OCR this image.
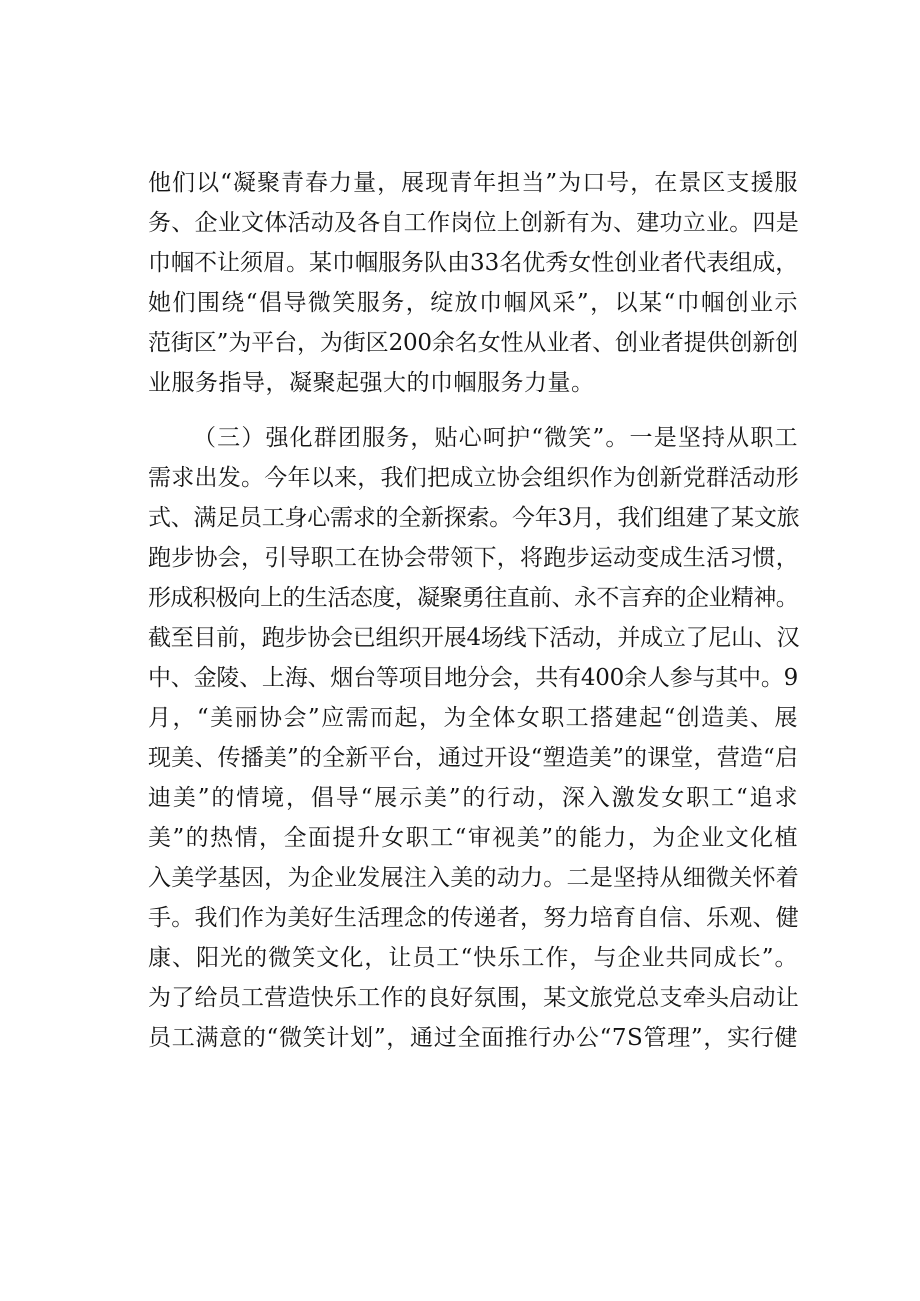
他们以“凝聚青春力量，展现青年担当”为口号，在景区支援服
务、企业文体活动及各自工作岗位上创新有为、建功立业。四是
巾帼不让须眉。某巾帼服务队由33名优秀女性创业者代表组成，
她们围绕“倡导微笑服务，绽放巾帼风采”，以某“巾帼创业示
范街区”为平台，为街区200余名女性从业者、创业者提供创新创
业服务指导，凝聚起强大的巾帼服务力量。
（三）强化群团服务，贴心呵护“微笑”。一是坚持从职工
需求出发。今年以来，我们把成立协会组织作为创新党群活动形
式、满足员工身心需求的全新探索。今年3月，我们组建了某文旅
跑步协会，引导职工在协会带领下，将跑步运动变成生活习惯，
形成积极向上的生活态度，凝聚勇往直前、永不言弃的企业精神。
截至目前，跑步协会已组织开展4场线下活动，并成立了尼山、汉
中、金陵、上海、烟台等项目地分会，共有400余人参与其中。9
月，“美丽协会”应需而起，为全体女职工搭建起“创造美、展
现美、传播美”的全新平台，通过开设“塑造美”的课堂，营造“启
迪美”的情境，倡导“展示美”的行动，深入激发女职工“追求
美”的热情，全面提升女职工“审视美”的能力，为企业文化植
入美学基因，为企业发展注入美的动力。二是坚持从细微关怀着
手。我们作为美好生活理念的传递者，努力培育自信、乐观、健
康、阳光的微笑文化，让员工“快乐工作，与企业共同成长”。
为了给员工营造快乐工作的良好氛围，某文旅党总支牵头启动让
员工满意的“微笑计划”，通过全面推行办公“7S管理”，实行健
